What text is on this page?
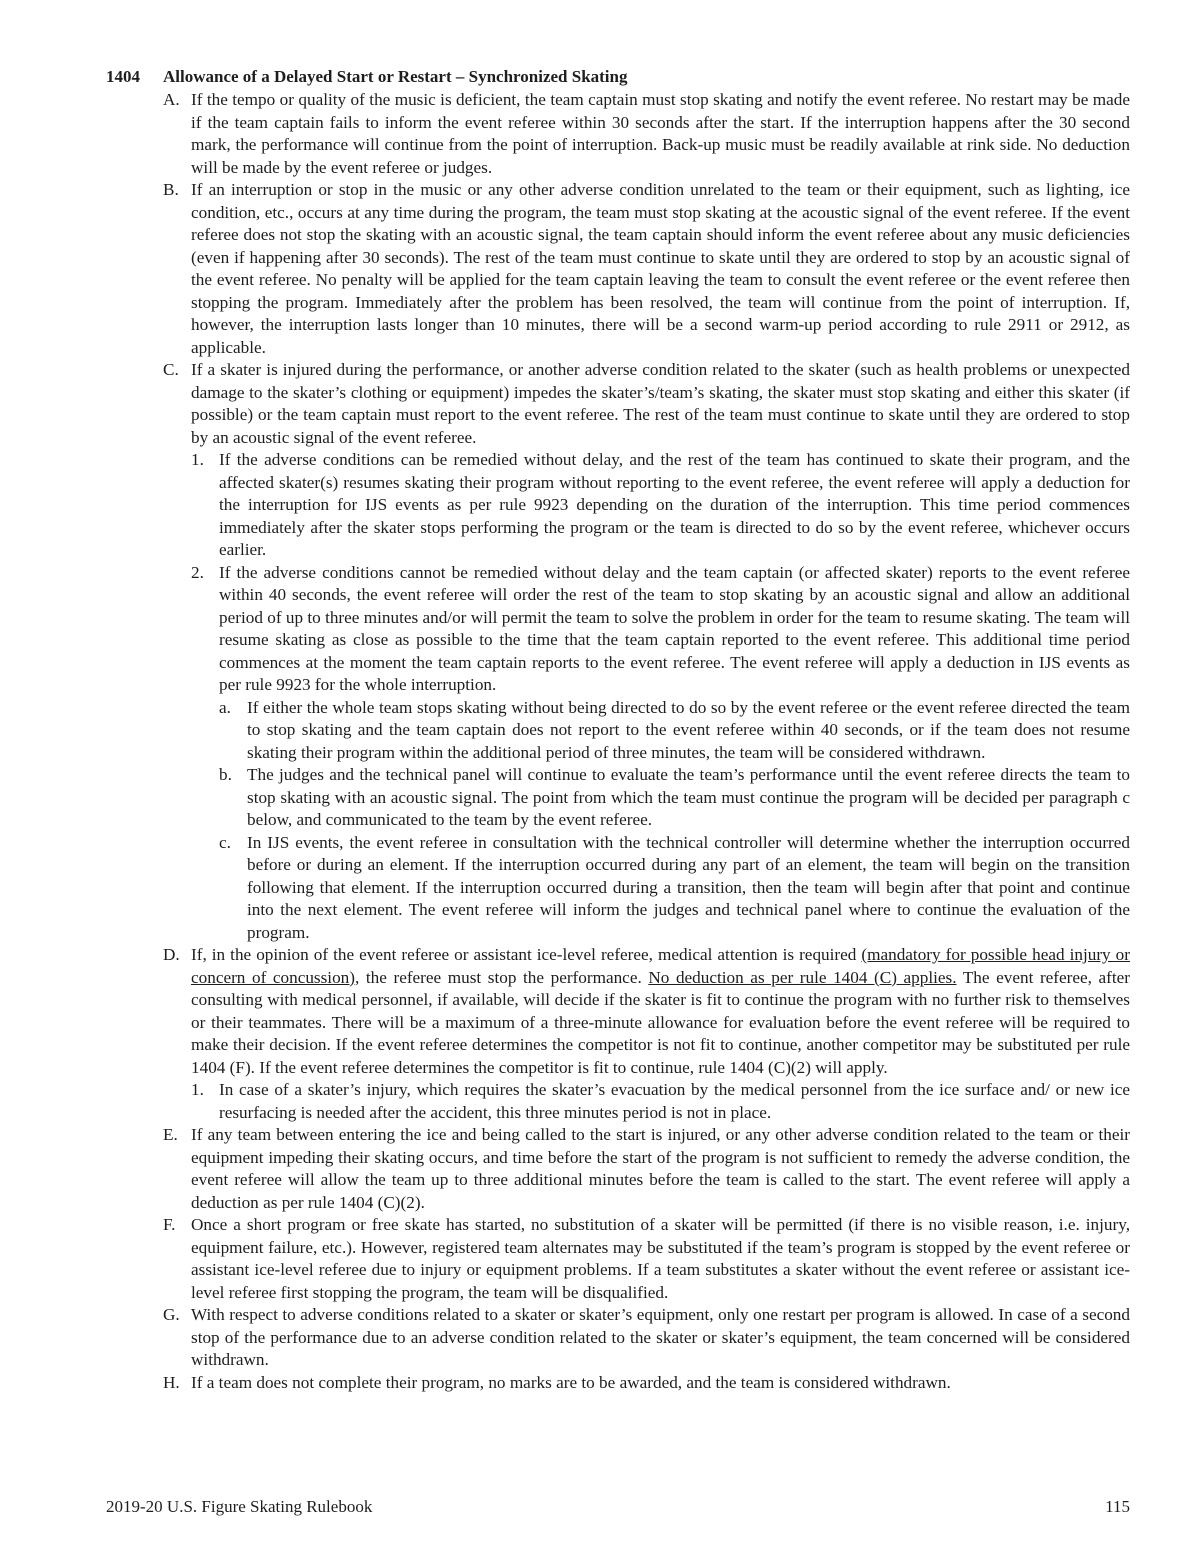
1404 Allowance of a Delayed Start or Restart – Synchronized Skating
A. If the tempo or quality of the music is deficient, the team captain must stop skating and notify the event referee. No restart may be made if the team captain fails to inform the event referee within 30 seconds after the start. If the interruption happens after the 30 second mark, the performance will continue from the point of interruption. Back-up music must be readily available at rink side. No deduction will be made by the event referee or judges.
B. If an interruption or stop in the music or any other adverse condition unrelated to the team or their equipment, such as lighting, ice condition, etc., occurs at any time during the program, the team must stop skating at the acoustic signal of the event referee. If the event referee does not stop the skating with an acoustic signal, the team captain should inform the event referee about any music deficiencies (even if happening after 30 seconds). The rest of the team must continue to skate until they are ordered to stop by an acoustic signal of the event referee. No penalty will be applied for the team captain leaving the team to consult the event referee or the event referee then stopping the program. Immediately after the problem has been resolved, the team will continue from the point of interruption. If, however, the interruption lasts longer than 10 minutes, there will be a second warm-up period according to rule 2911 or 2912, as applicable.
C. If a skater is injured during the performance, or another adverse condition related to the skater (such as health problems or unexpected damage to the skater’s clothing or equipment) impedes the skater’s/team’s skating, the skater must stop skating and either this skater (if possible) or the team captain must report to the event referee. The rest of the team must continue to skate until they are ordered to stop by an acoustic signal of the event referee.
1. If the adverse conditions can be remedied without delay, and the rest of the team has continued to skate their program, and the affected skater(s) resumes skating their program without reporting to the event referee, the event referee will apply a deduction for the interruption for IJS events as per rule 9923 depending on the duration of the interruption. This time period commences immediately after the skater stops performing the program or the team is directed to do so by the event referee, whichever occurs earlier.
2. If the adverse conditions cannot be remedied without delay and the team captain (or affected skater) reports to the event referee within 40 seconds, the event referee will order the rest of the team to stop skating by an acoustic signal and allow an additional period of up to three minutes and/or will permit the team to solve the problem in order for the team to resume skating. The team will resume skating as close as possible to the time that the team captain reported to the event referee. This additional time period commences at the moment the team captain reports to the event referee. The event referee will apply a deduction in IJS events as per rule 9923 for the whole interruption.
a. If either the whole team stops skating without being directed to do so by the event referee or the event referee directed the team to stop skating and the team captain does not report to the event referee within 40 seconds, or if the team does not resume skating their program within the additional period of three minutes, the team will be considered withdrawn.
b. The judges and the technical panel will continue to evaluate the team’s performance until the event referee directs the team to stop skating with an acoustic signal. The point from which the team must continue the program will be decided per paragraph c below, and communicated to the team by the event referee.
c. In IJS events, the event referee in consultation with the technical controller will determine whether the interruption occurred before or during an element. If the interruption occurred during any part of an element, the team will begin on the transition following that element. If the interruption occurred during a transition, then the team will begin after that point and continue into the next element. The event referee will inform the judges and technical panel where to continue the evaluation of the program.
D. If, in the opinion of the event referee or assistant ice-level referee, medical attention is required (mandatory for possible head injury or concern of concussion), the referee must stop the performance. No deduction as per rule 1404 (C) applies. The event referee, after consulting with medical personnel, if available, will decide if the skater is fit to continue the program with no further risk to themselves or their teammates. There will be a maximum of a three-minute allowance for evaluation before the event referee will be required to make their decision. If the event referee determines the competitor is not fit to continue, another competitor may be substituted per rule 1404 (F). If the event referee determines the competitor is fit to continue, rule 1404 (C)(2) will apply.
1. In case of a skater’s injury, which requires the skater’s evacuation by the medical personnel from the ice surface and/ or new ice resurfacing is needed after the accident, this three minutes period is not in place.
E. If any team between entering the ice and being called to the start is injured, or any other adverse condition related to the team or their equipment impeding their skating occurs, and time before the start of the program is not sufficient to remedy the adverse condition, the event referee will allow the team up to three additional minutes before the team is called to the start. The event referee will apply a deduction as per rule 1404 (C)(2).
F. Once a short program or free skate has started, no substitution of a skater will be permitted (if there is no visible reason, i.e. injury, equipment failure, etc.). However, registered team alternates may be substituted if the team’s program is stopped by the event referee or assistant ice-level referee due to injury or equipment problems. If a team substitutes a skater without the event referee or assistant ice-level referee first stopping the program, the team will be disqualified.
G. With respect to adverse conditions related to a skater or skater’s equipment, only one restart per program is allowed. In case of a second stop of the performance due to an adverse condition related to the skater or skater’s equipment, the team concerned will be considered withdrawn.
H. If a team does not complete their program, no marks are to be awarded, and the team is considered withdrawn.
2019-20 U.S. Figure Skating Rulebook	115
